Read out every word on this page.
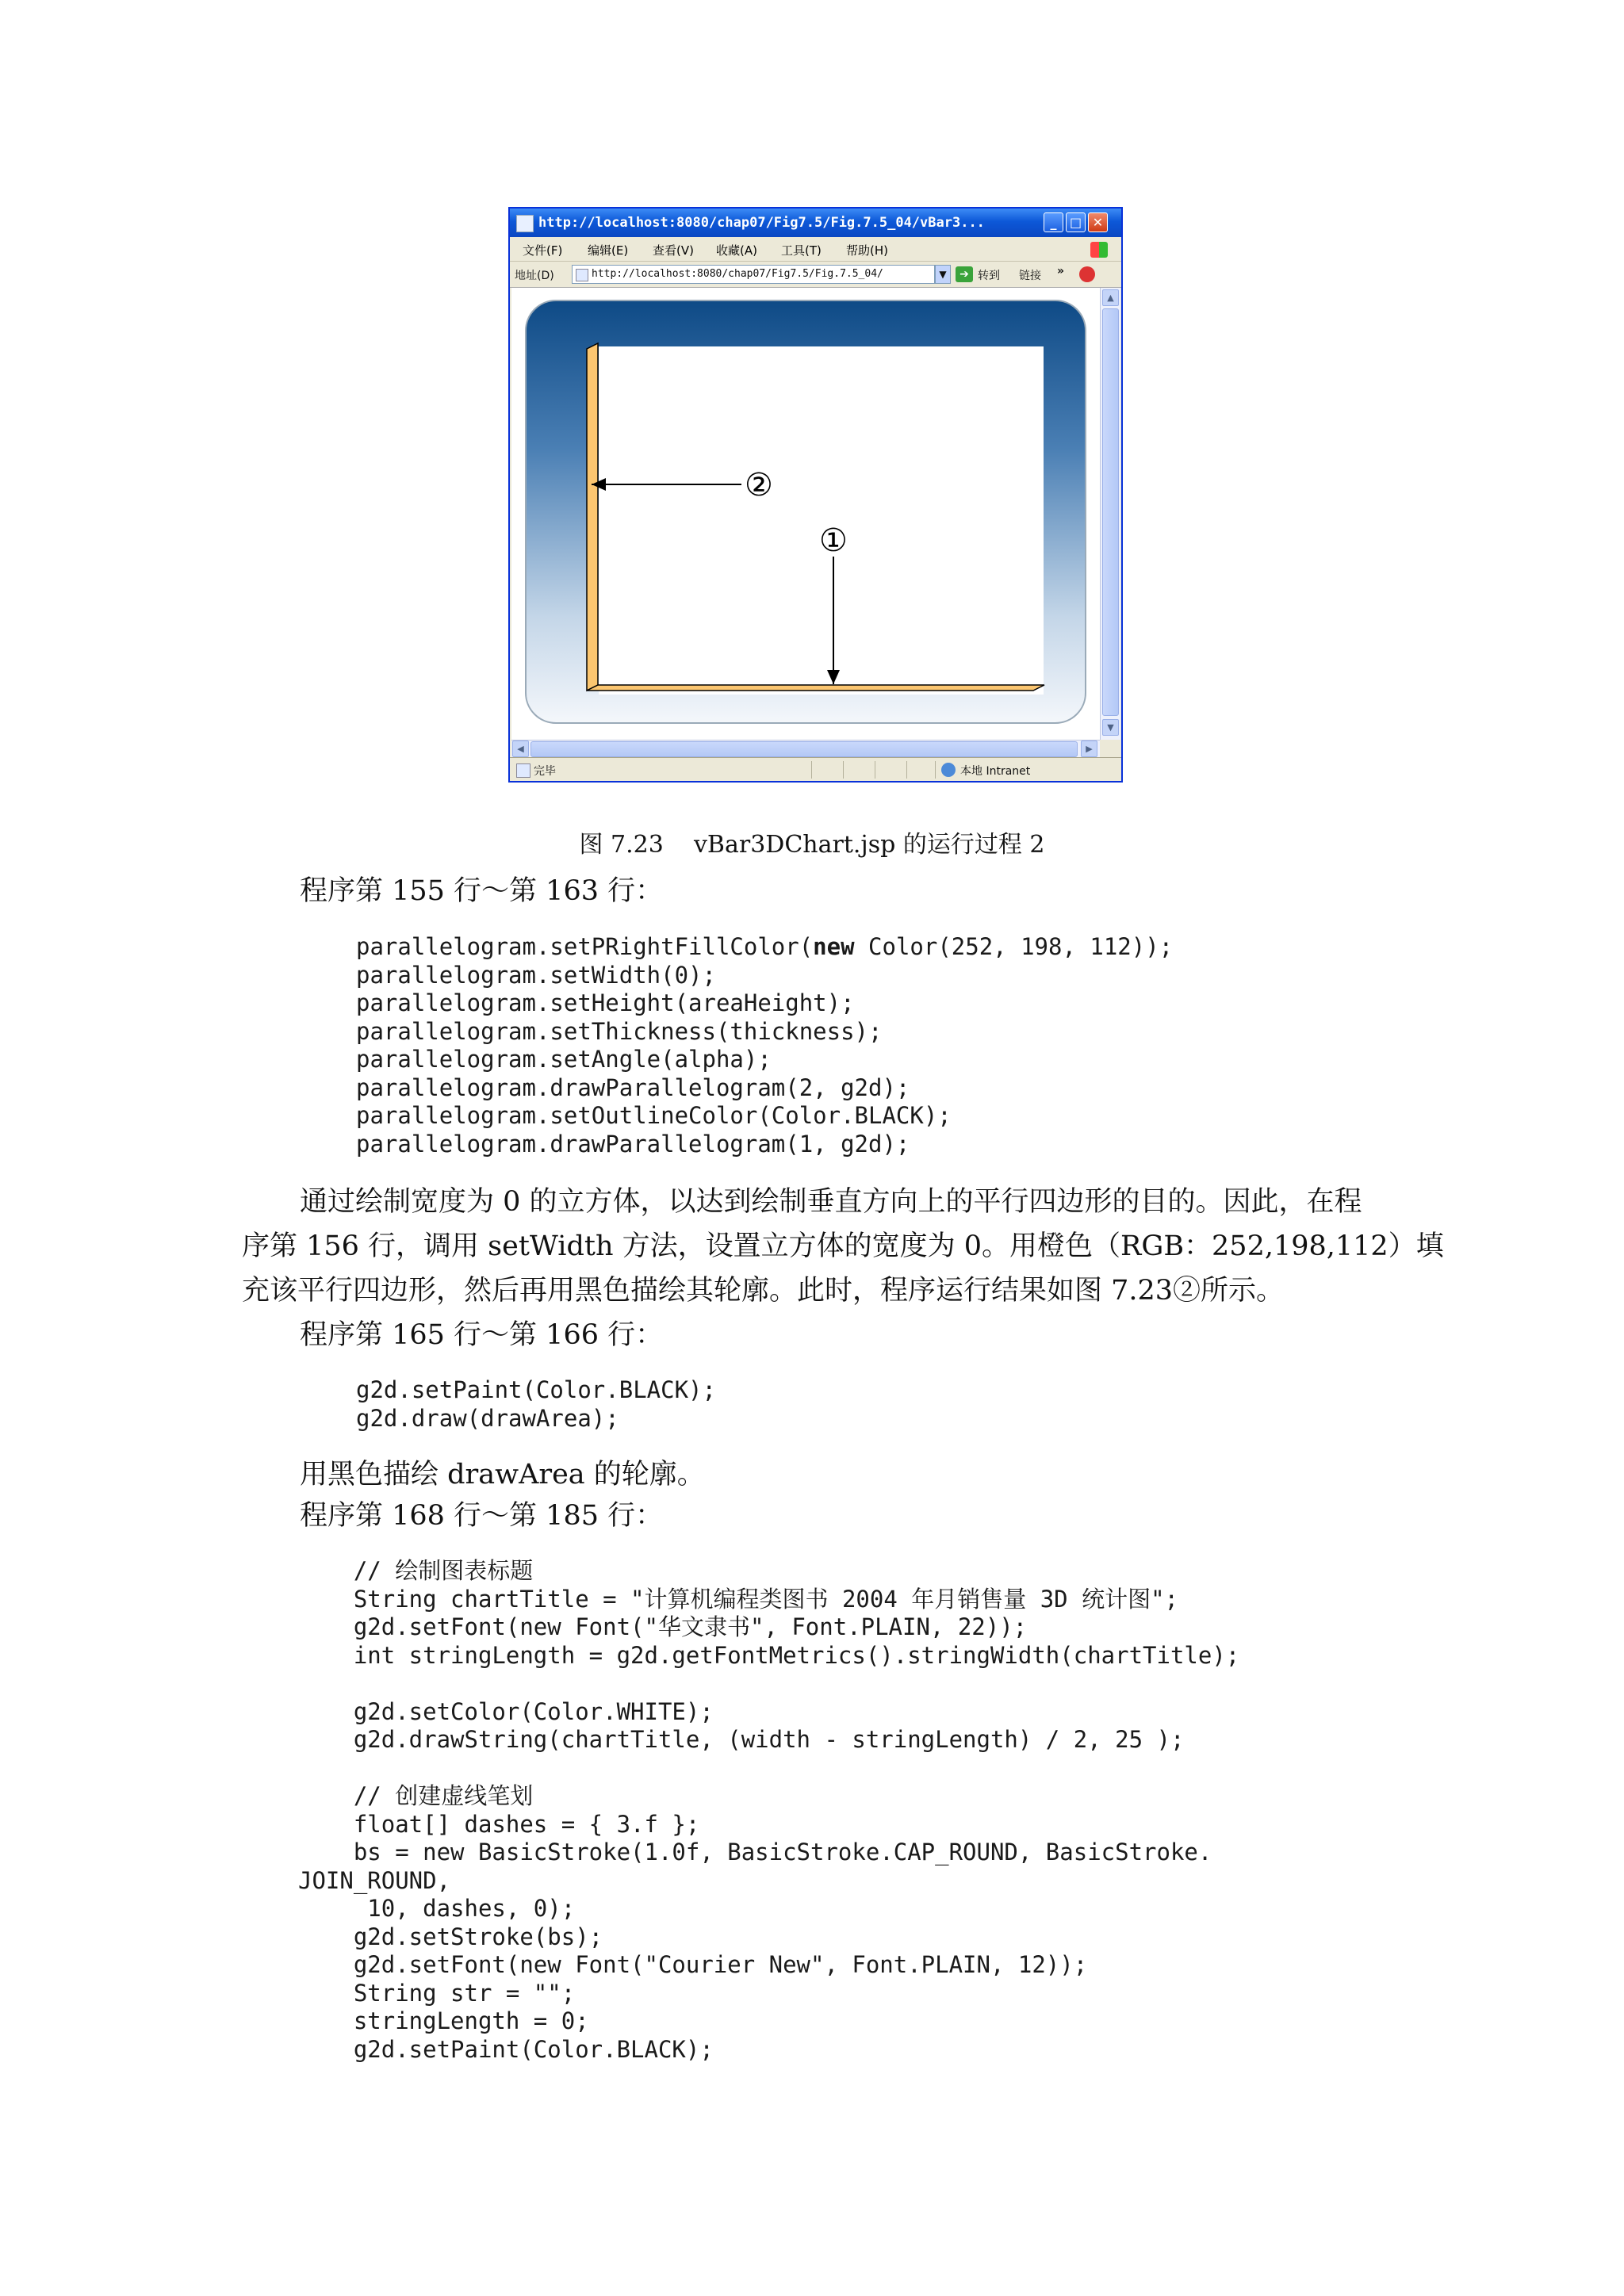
http://localhost:8080/chap07/Fig7.5/Fig.7.5_04/vBar3...	_	□ ✕
文件(F) 编辑(E) 查看(V) 收藏(A) 工具(T) 帮助(H)
地址(D)	http://localhost:8080/chap07/Fig7.5/Fig.7.5_04/	▼	➔ 转到 链接 »
②
①
▲
▼
◀	▶
完毕	本地 Intranet
图 7.23    vBar3DChart.jsp 的运行过程 2
程序第 155 行～第 163 行：
parallelogram.setPRightFillColor(new Color(252, 198, 112));
parallelogram.setWidth(0);
parallelogram.setHeight(areaHeight);
parallelogram.setThickness(thickness);
parallelogram.setAngle(alpha);
parallelogram.drawParallelogram(2, g2d);
parallelogram.setOutlineColor(Color.BLACK);
parallelogram.drawParallelogram(1, g2d);
通过绘制宽度为 0 的立方体，以达到绘制垂直方向上的平行四边形的目的。因此，在程
序第 156 行，调用 setWidth 方法，设置立方体的宽度为 0。用橙色（RGB：252,198,112）填
充该平行四边形，然后再用黑色描绘其轮廓。此时，程序运行结果如图 7.23②所示。
程序第 165 行～第 166 行：
g2d.setPaint(Color.BLACK);
g2d.draw(drawArea);
用黑色描绘 drawArea 的轮廓。
程序第 168 行～第 185 行：
// 绘制图表标题
String chartTitle = "计算机编程类图书 2004 年月销售量 3D 统计图";
g2d.setFont(new Font("华文隶书", Font.PLAIN, 22));
int stringLength = g2d.getFontMetrics().stringWidth(chartTitle);
g2d.setColor(Color.WHITE);
g2d.drawString(chartTitle, (width - stringLength) / 2, 25 );
// 创建虚线笔划
float[] dashes = { 3.f };
bs = new BasicStroke(1.0f, BasicStroke.CAP_ROUND, BasicStroke.
JOIN_ROUND,
10, dashes, 0);
g2d.setStroke(bs);
g2d.setFont(new Font("Courier New", Font.PLAIN, 12));
String str = "";
stringLength = 0;
g2d.setPaint(Color.BLACK);
